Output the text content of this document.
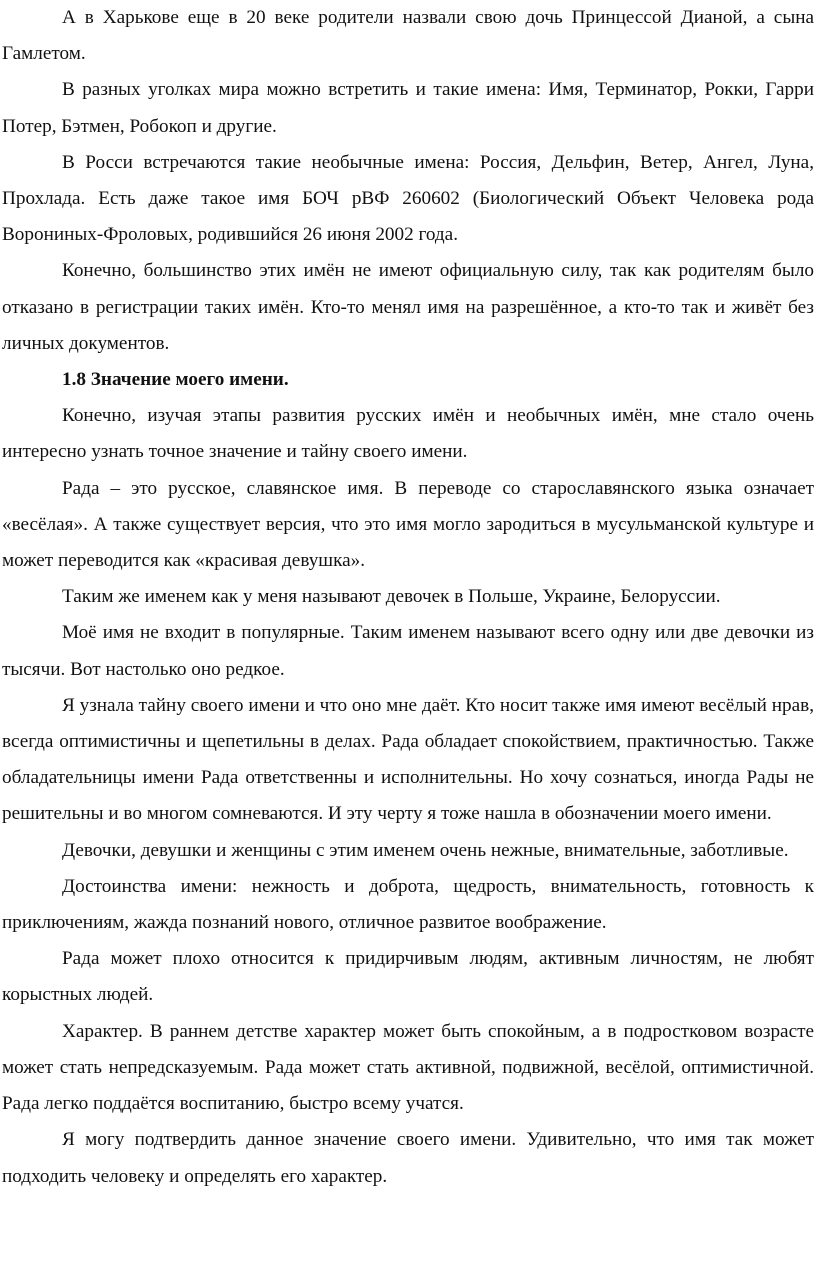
А в Харькове еще в 20 веке родители назвали свою дочь Принцессой Дианой, а сына Гамлетом.

В разных уголках мира можно встретить и такие имена: Имя, Терминатор, Рокки, Гарри Потер, Бэтмен, Робокоп и другие.

В Росси встречаются такие необычные имена: Россия, Дельфин, Ветер, Ангел, Луна, Прохлада. Есть даже такое имя БОЧ рВФ 260602 (Биологический Объект Человека рода Ворониных-Фроловых, родившийся 26 июня 2002 года.

Конечно, большинство этих имён не имеют официальную силу, так как родителям было отказано в регистрации таких имён. Кто-то менял имя на разрешённое, а кто-то так и живёт без личных документов.

1.8 Значение моего имени.

Конечно, изучая этапы развития русских имён и необычных имён, мне стало очень интересно узнать точное значение и тайну своего имени.

Рада – это русское, славянское имя. В переводе со старославянского языка означает «весёлая». А также существует версия, что это имя могло зародиться в мусульманской культуре и может переводится как «красивая девушка».

Таким же именем как у меня называют девочек в Польше, Украине, Белоруссии.

Моё имя не входит в популярные. Таким именем называют всего одну или две девочки из тысячи. Вот настолько оно редкое.

Я узнала тайну своего имени и что оно мне даёт. Кто носит также имя имеют весёлый нрав, всегда оптимистичны и щепетильны в делах. Рада обладает спокойствием, практичностью. Также обладательницы имени Рада ответственны и исполнительны. Но хочу сознаться, иногда Рады не решительны и во многом сомневаются. И эту черту я тоже нашла в обозначении моего имени.

Девочки, девушки и женщины с этим именем очень нежные, внимательные, заботливые.

Достоинства имени: нежность и доброта, щедрость, внимательность, готовность к приключениям, жажда познаний нового, отличное развитое воображение.

Рада может плохо относится к придирчивым людям, активным личностям, не любят корыстных людей.

Характер. В раннем детстве характер может быть спокойным, а в подростковом возрасте может стать непредсказуемым. Рада может стать активной, подвижной, весёлой, оптимистичной. Рада легко поддаётся воспитанию, быстро всему учатся.

Я могу подтвердить данное значение своего имени. Удивительно, что имя так может подходить человеку и определять его характер.
